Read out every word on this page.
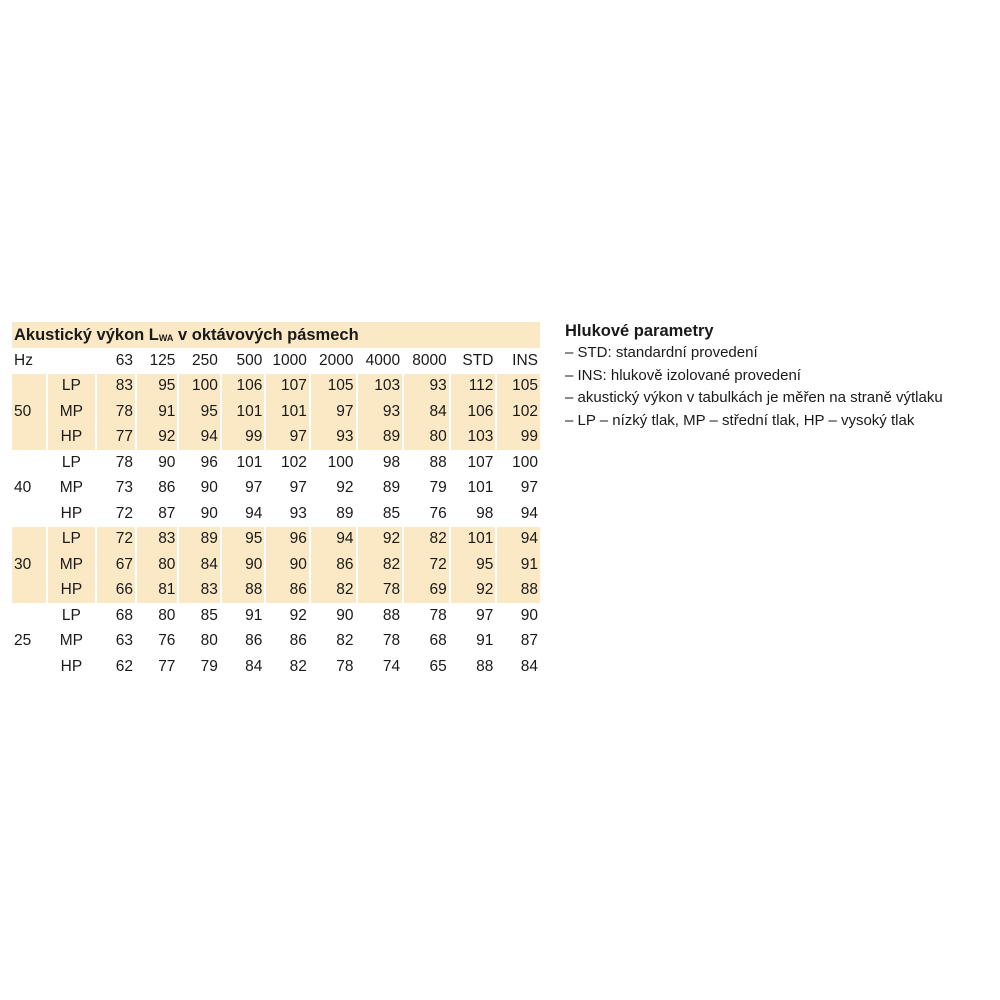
Akustický výkon LWA v oktávových pásmech
Hz		63	125	250	500	1000	2000	4000	8000	STD	INS
	LP	83	95	100	106	107	105	103	93	112	105
50	MP	78	91	95	101	101	97	93	84	106	102
	HP	77	92	94	99	97	93	89	80	103	99
	LP	78	90	96	101	102	100	98	88	107	100
40	MP	73	86	90	97	97	92	89	79	101	97
	HP	72	87	90	94	93	89	85	76	98	94
	LP	72	83	89	95	96	94	92	82	101	94
30	MP	67	80	84	90	90	86	82	72	95	91
	HP	66	81	83	88	86	82	78	69	92	88
	LP	68	80	85	91	92	90	88	78	97	90
25	MP	63	76	80	86	86	82	78	68	91	87
	HP	62	77	79	84	82	78	74	65	88	84
Hlukové parametry
– STD: standardní provedení
– INS: hlukově izolované provedení
– akustický výkon v tabulkách je měřen na straně výtlaku
– LP – nízký tlak, MP – střední tlak, HP – vysoký tlak
